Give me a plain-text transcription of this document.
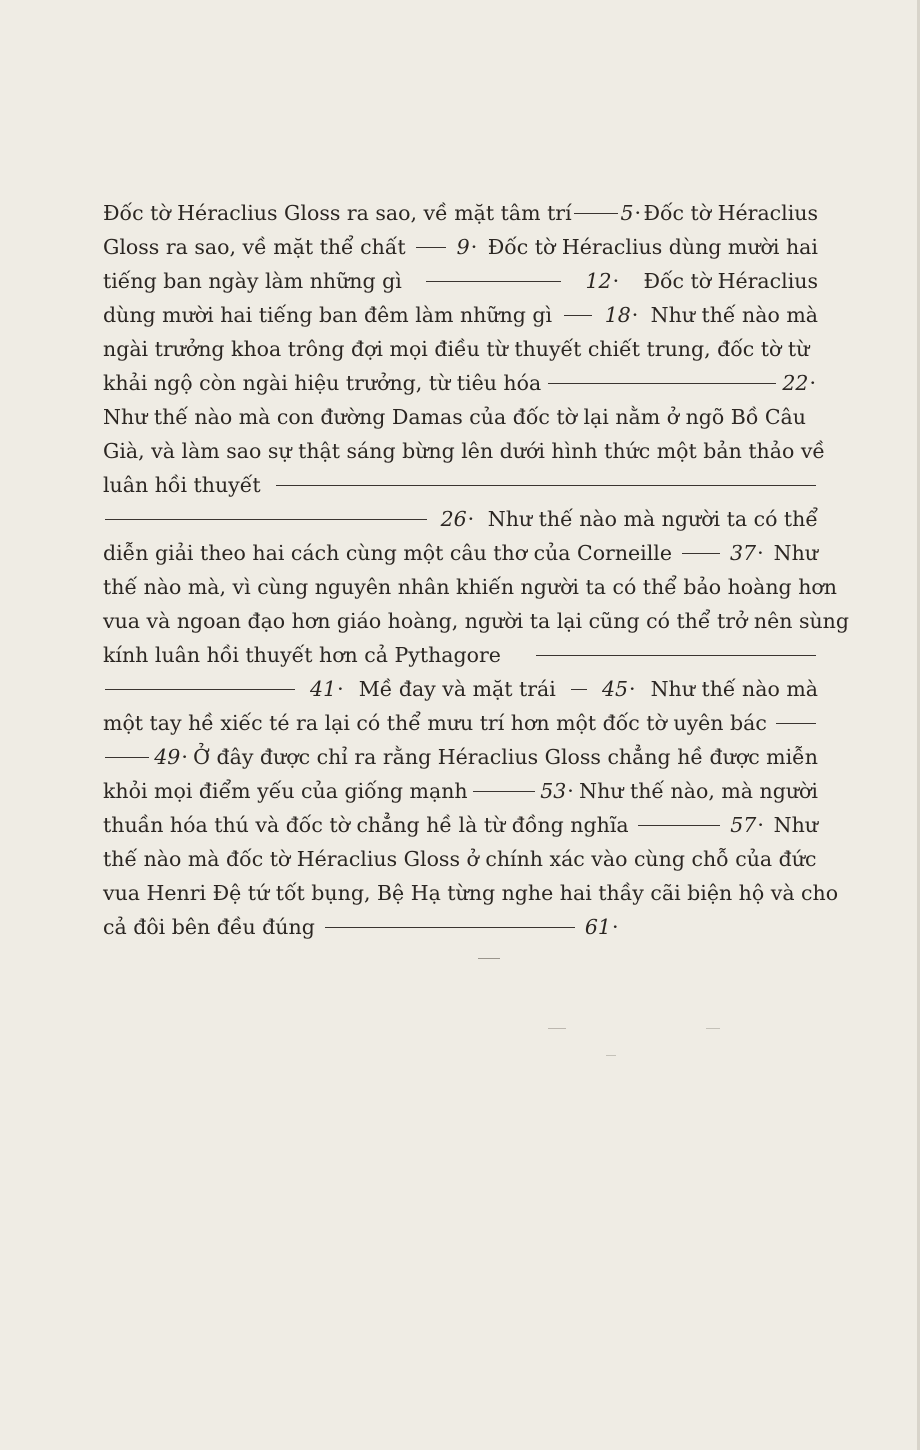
Đốc tờ Héraclius Gloss ra sao, về mặt tâm trí 5· Đốc tờ Héraclius
Gloss ra sao, về mặt thể chất 9· Đốc tờ Héraclius dùng mười hai
tiếng ban ngày làm những gì	12· Đốc tờ Héraclius
dùng mười hai tiếng ban đêm làm những gì	18· Như thế nào mà
ngài trưởng khoa trông đợi mọi điều từ thuyết chiết trung, đốc tờ từ
khải ngộ còn ngài hiệu trưởng, từ tiêu hóa	22·
Như thế nào mà con đường Damas của đốc tờ lại nằm ở ngõ Bồ Câu
Già, và làm sao sự thật sáng bừng lên dưới hình thức một bản thảo về
luân hồi thuyết
26· Như thế nào mà người ta có thể
diễn giải theo hai cách cùng một câu thơ của Corneille	37· Như
thế nào mà, vì cùng nguyên nhân khiến người ta có thể bảo hoàng hơn
vua và ngoan đạo hơn giáo hoàng, người ta lại cũng có thể trở nên sùng
kính luân hồi thuyết hơn cả Pythagore
41· Mề đay và mặt trái 45· Như thế nào mà
một tay hề xiếc té ra lại có thể mưu trí hơn một đốc tờ uyên bác
49· Ở đây được chỉ ra rằng Héraclius Gloss chẳng hề được miễn
khỏi mọi điểm yếu của giống mạnh	53· Như thế nào, mà người
thuần hóa thú và đốc tờ chẳng hề là từ đồng nghĩa	57· Như
thế nào mà đốc tờ Héraclius Gloss ở chính xác vào cùng chỗ của đức
vua Henri Đệ tứ tốt bụng, Bệ Hạ từng nghe hai thầy cãi biện hộ và cho
cả đôi bên đều đúng	61·
